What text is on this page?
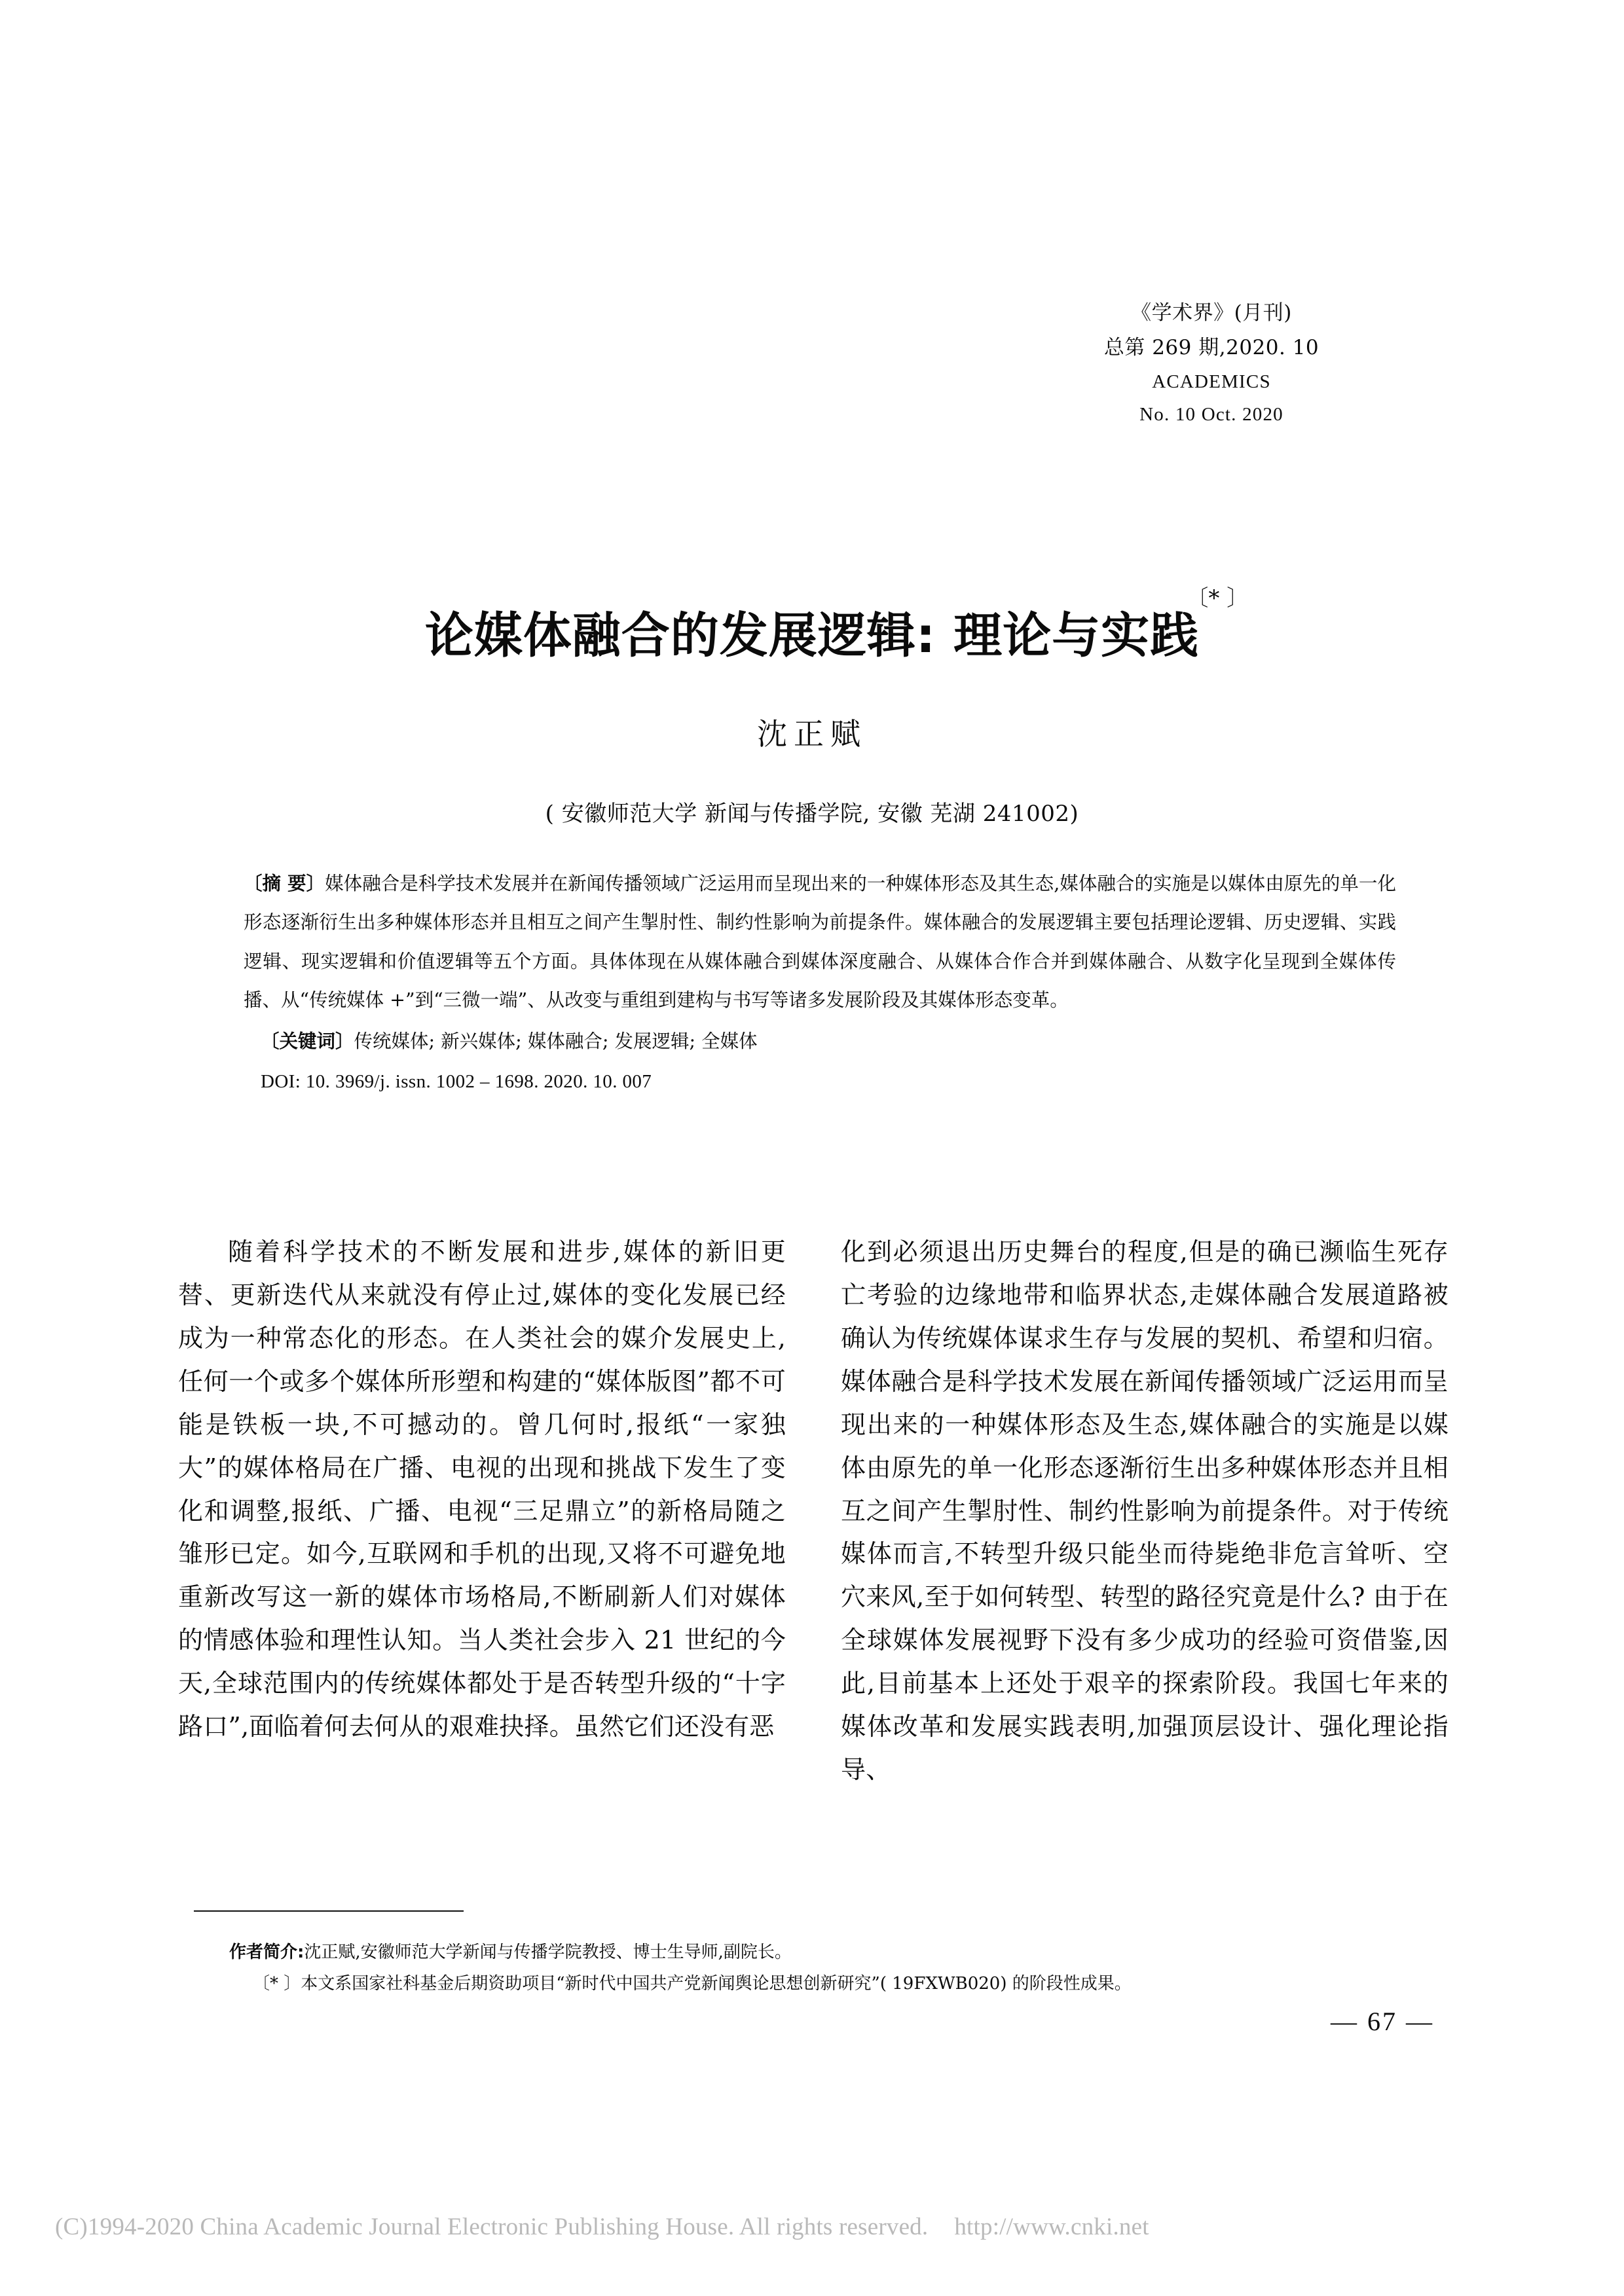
《学术界》(月刊)
总第 269 期,2020. 10
ACADEMICS
No. 10 Oct. 2020
论媒体融合的发展逻辑: 理论与实践
〔* 〕
沈正赋
( 安徽师范大学 新闻与传播学院, 安徽 芜湖 241002)
〔摘 要〕媒体融合是科学技术发展并在新闻传播领域广泛运用而呈现出来的一种媒体形态及其生态,媒体融合的实施是以媒体由原先的单一化形态逐渐衍生出多种媒体形态并且相互之间产生掣肘性、制约性影响为前提条件。媒体融合的发展逻辑主要包括理论逻辑、历史逻辑、实践逻辑、现实逻辑和价值逻辑等五个方面。具体体现在从媒体融合到媒体深度融合、从媒体合作合并到媒体融合、从数字化呈现到全媒体传播、从“传统媒体 +”到“三微一端”、从改变与重组到建构与书写等诸多发展阶段及其媒体形态变革。
〔关键词〕传统媒体; 新兴媒体; 媒体融合; 发展逻辑; 全媒体
DOI: 10. 3969/j. issn. 1002 – 1698. 2020. 10. 007

随着科学技术的不断发展和进步,媒体的新旧更替、更新迭代从来就没有停止过,媒体的变化发展已经成为一种常态化的形态。在人类社会的媒介发展史上,任何一个或多个媒体所形塑和构建的“媒体版图”都不可能是铁板一块,不可撼动的。曾几何时,报纸“一家独大”的媒体格局在广播、电视的出现和挑战下发生了变化和调整,报纸、广播、电视“三足鼎立”的新格局随之雏形已定。如今,互联网和手机的出现,又将不可避免地重新改写这一新的媒体市场格局,不断刷新人们对媒体的情感体验和理性认知。当人类社会步入 21 世纪的今天,全球范围内的传统媒体都处于是否转型升级的“十字路口”,面临着何去何从的艰难抉择。虽然它们还没有恶

化到必须退出历史舞台的程度,但是的确已濒临生死存亡考验的边缘地带和临界状态,走媒体融合发展道路被确认为传统媒体谋求生存与发展的契机、希望和归宿。媒体融合是科学技术发展在新闻传播领域广泛运用而呈现出来的一种媒体形态及生态,媒体融合的实施是以媒体由原先的单一化形态逐渐衍生出多种媒体形态并且相互之间产生掣肘性、制约性影响为前提条件。对于传统媒体而言,不转型升级只能坐而待毙绝非危言耸听、空穴来风,至于如何转型、转型的路径究竟是什么? 由于在全球媒体发展视野下没有多少成功的经验可资借鉴,因此,目前基本上还处于艰辛的探索阶段。我国七年来的媒体改革和发展实践表明,加强顶层设计、强化理论指导、

作者简介:沈正赋,安徽师范大学新闻与传播学院教授、博士生导师,副院长。
〔* 〕本文系国家社科基金后期资助项目“新时代中国共产党新闻舆论思想创新研究”( 19FXWB020) 的阶段性成果。
— 67 —
(C)1994-2020 China Academic Journal Electronic Publishing House. All rights reserved. http://www.cnki.net
